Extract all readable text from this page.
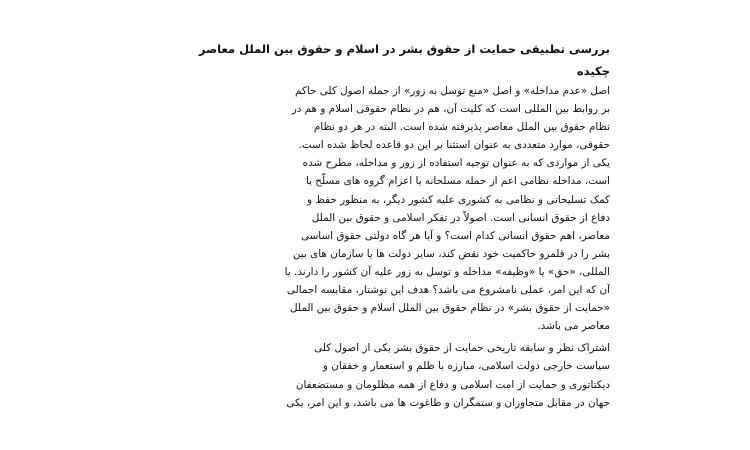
بررسی تطبیقی حمایت از حقوق بشر در اسلام و حقوق بین الملل معاصر
چکیده

اصل «عدم مداخله» و اصل «منع توسل به زور» از جمله اصول کلی حاکم
بر روابط بین المللی است که کلیت آن، هم در نظام حقوقی اسلام و هم در
نظام حقوق بین الملل معاصر پذیرفته شده است. البته در هر دو نظام
حقوقی، موارد متعددی به عنوان استثنا بر این دو قاعده لحاظ شده است.
یکی از مواردی که به عنوان توجیه استفاده از زور و مداخله، مطرح شده
است، مداخله نظامی اعم از حمله مسلحانه یا اعزام گروه های مسلّح یا
کمک تسلیحاتی و نظامی به کشوری علیه کشور دیگر، به منظور حفظ و
دفاع از حقوق انسانی است. اصولاً در تفکر اسلامی و حقوق بین الملل
معاصر، اهم حقوق انسانی کدام است؟ و آیا هر گاه دولتی حقوق اساسی
بشر را در قلمرو حاکمیت خود نقض کند، سایر دولت ها یا سازمان های بین
المللی، «حق» یا «وظیفه» مداخله و توسل به زور علیه آن کشور را دارند. یا
آن که این امر، عملی نامشروع می باشد؟ هدف این نوشتار، مقایسه اجمالی
«حمایت از حقوق بشر» در نظام حقوق بین الملل اسلام و حقوق بین الملل
معاصر می باشد.

اشتراک نظر و سابقه تاریخی حمایت از حقوق بشر یکی از اصول کلی
سیاست خارجی دولت اسلامی، مبارزه با ظلم و استعمار و خفقان و
دیکتاتوری و حمایت از امت اسلامی و دفاع از همه مظلومان و مستضعفان
جهان در مقابل متجاوزان و ستمگران و طاغوت ها می باشد، و این امر، یکی
